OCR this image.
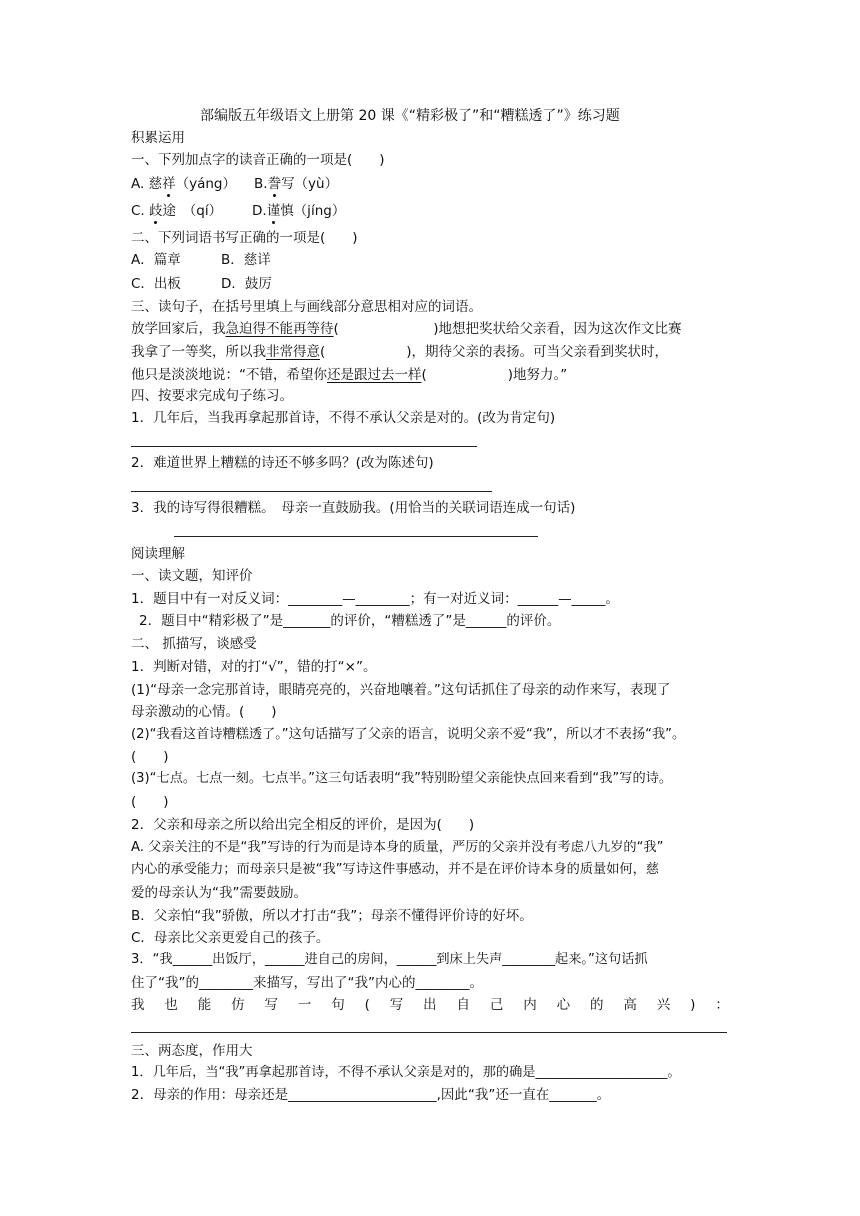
部编版五年级语文上册第 20 课《“精彩极了”和“糟糕透了”》练习题
积累运用
一、下列加点字的读音正确的一项是(　　)
A. 慈祥（yáng） B.誊写（yù）
C. 歧途　（qí） D.谨慎（jíng）
二、下列词语书写正确的一项是(　　)
A．篇章	B．慈详
C．出板	D．鼓厉
三、读句子，在括号里填上与画线部分意思相对应的词语。
放学回家后，我急迫得不能再等待(　　　　　　　)地想把奖状给父亲看，因为这次作文比赛
我拿了一等奖，所以我非常得意(　　　　　　)，期待父亲的表扬。可当父亲看到奖状时，
他只是淡淡地说：“不错，希望你还是跟过去一样(　　　　　　)地努力。”
四、按要求完成句子练习。
1．几年后，当我再拿起那首诗，不得不承认父亲是对的。(改为肯定句)
2．难道世界上糟糕的诗还不够多吗？(改为陈述句)
3．我的诗写得很糟糕。　母亲一直鼓励我。(用恰当的关联词语连成一句话)
阅读理解
一、读文题，知评价
1．题目中有一对反义词：________—________；有一对近义词：______—_____。
2．题目中“精彩极了”是_______的评价，“糟糕透了”是______的评价。
二、 抓描写，谈感受
1．判断对错，对的打“√”，错的打“×”。
(1)“母亲一念完那首诗，眼睛亮亮的，兴奋地嚷着。”这句话抓住了母亲的动作来写，表现了
母亲激动的心情。(　　)
(2)“我看这首诗糟糕透了。”这句话描写了父亲的语言，说明父亲不爱“我”，所以才不表扬“我”。
(　　)
(3)“七点。七点一刻。七点半。”这三句话表明“我”特别盼望父亲能快点回来看到“我”写的诗。
(　　)
2．父亲和母亲之所以给出完全相反的评价，是因为(　　)
A. 父亲关注的不是“我”写诗的行为而是诗本身的质量，严厉的父亲并没有考虑八九岁的“我”
内心的承受能力；而母亲只是被“我”写诗这件事感动，并不是在评价诗本身的质量如何，慈
爱的母亲认为“我”需要鼓励。
B．父亲怕“我”骄傲，所以才打击“我”；母亲不懂得评价诗的好坏。
C．母亲比父亲更爱自己的孩子。
3．“我______出饭厅，______进自己的房间，______到床上失声________起来。”这句话抓
住了“我”的________来描写，写出了“我”内心的________。
我 也 能 仿 写 一 句 ( 写 出 自 己 内 心 的 高 兴 ) ：
三、两态度，作用大
1．几年后，当“我”再拿起那首诗，不得不承认父亲是对的，那的确是____________________。
2．母亲的作用：母亲还是______________________,因此“我”还一直在_______。
